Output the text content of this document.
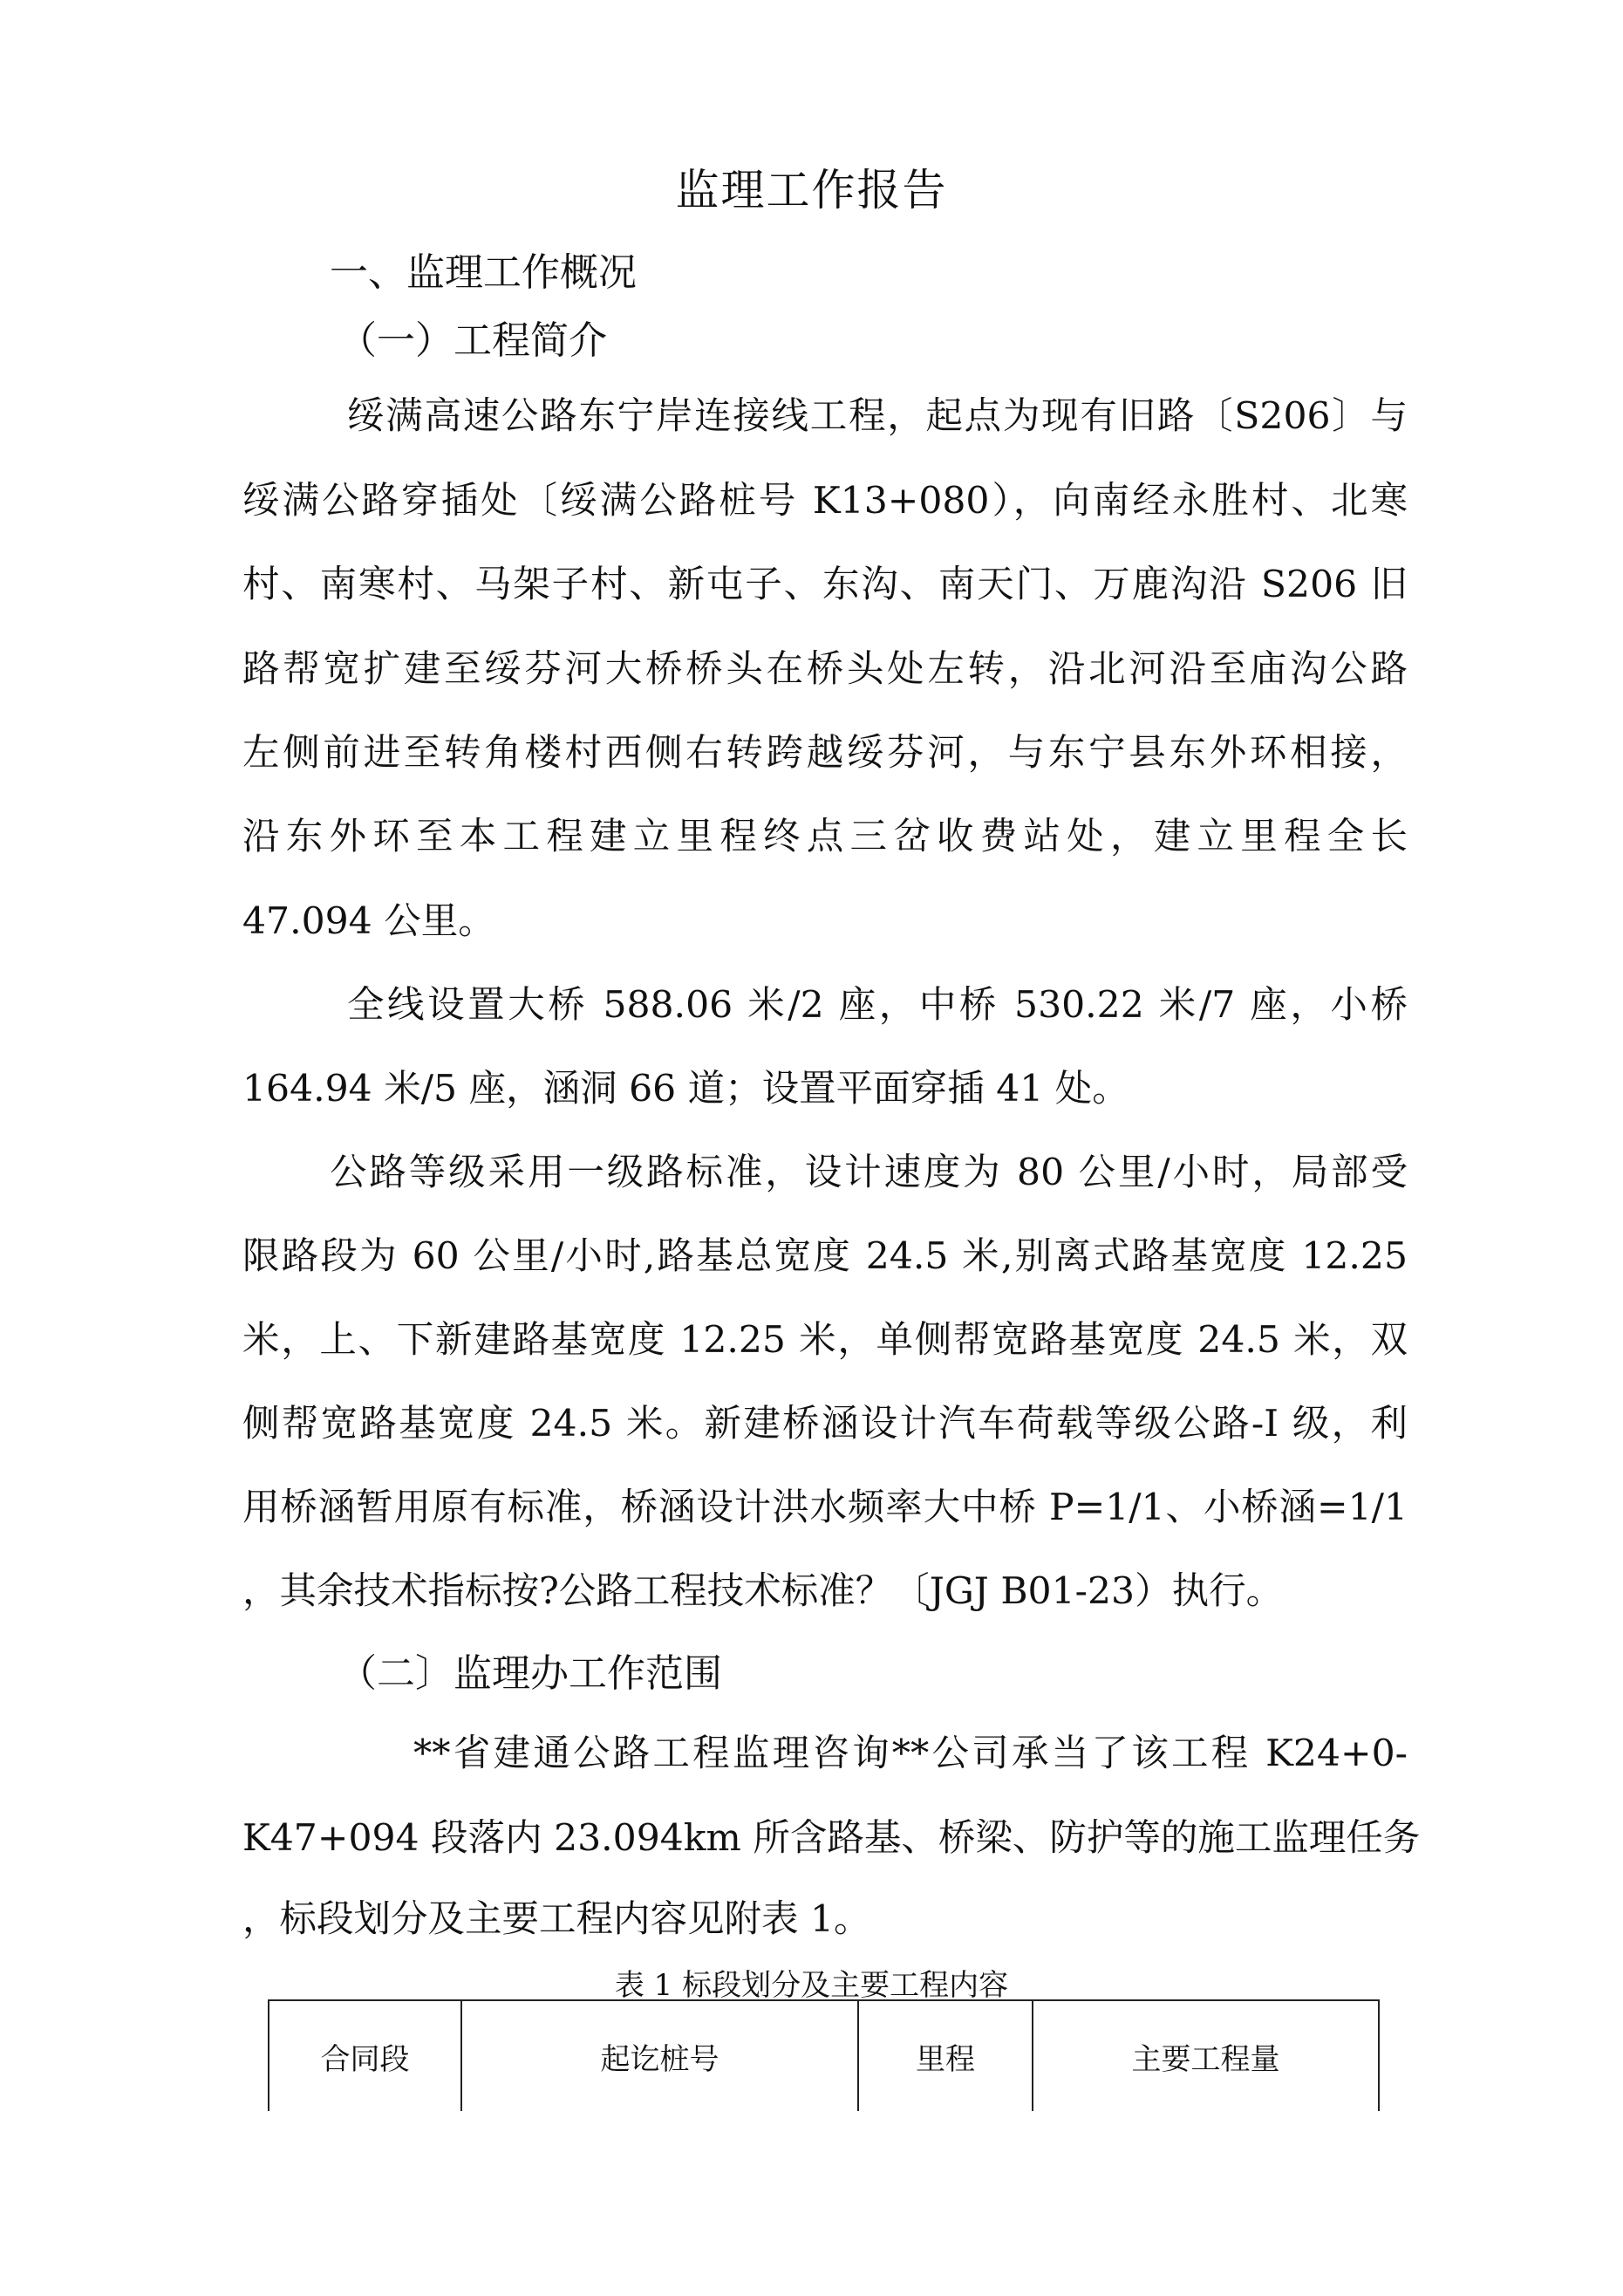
监理工作报告
一、监理工作概况
（一）工程简介
绥满高速公路东宁岸连接线工程，起点为现有旧路〔S206〕与
绥满公路穿插处〔绥满公路桩号 K13+080），向南经永胜村、北寒
村、南寒村、马架子村、新屯子、东沟、南天门、万鹿沟沿 S206 旧
路帮宽扩建至绥芬河大桥桥头在桥头处左转，沿北河沿至庙沟公路
左侧前进至转角楼村西侧右转跨越绥芬河，与东宁县东外环相接，
沿东外环至本工程建立里程终点三岔收费站处，建立里程全长
47.094 公里。
全线设置大桥 588.06 米/2 座，中桥 530.22 米/7 座，小桥
164.94 米/5 座，涵洞 66 道；设置平面穿插 41 处。
公路等级采用一级路标准，设计速度为 80 公里/小时，局部受
限路段为 60 公里/小时,路基总宽度 24.5 米,别离式路基宽度 12.25
米，上、下新建路基宽度 12.25 米，单侧帮宽路基宽度 24.5 米，双
侧帮宽路基宽度 24.5 米。新建桥涵设计汽车荷载等级公路-I 级，利
用桥涵暂用原有标准，桥涵设计洪水频率大中桥 P=1/1、小桥涵=1/1
，其余技术指标按?公路工程技术标准？〔JGJ B01-23）执行。
（二〕监理办工作范围
**省建通公路工程监理咨询**公司承当了该工程 K24+0-
K47+094 段落内 23.094km 所含路基、桥梁、防护等的施工监理任务
，标段划分及主要工程内容见附表 1。
表 1 标段划分及主要工程内容
合同段	起讫桩号	里程	主要工程量
